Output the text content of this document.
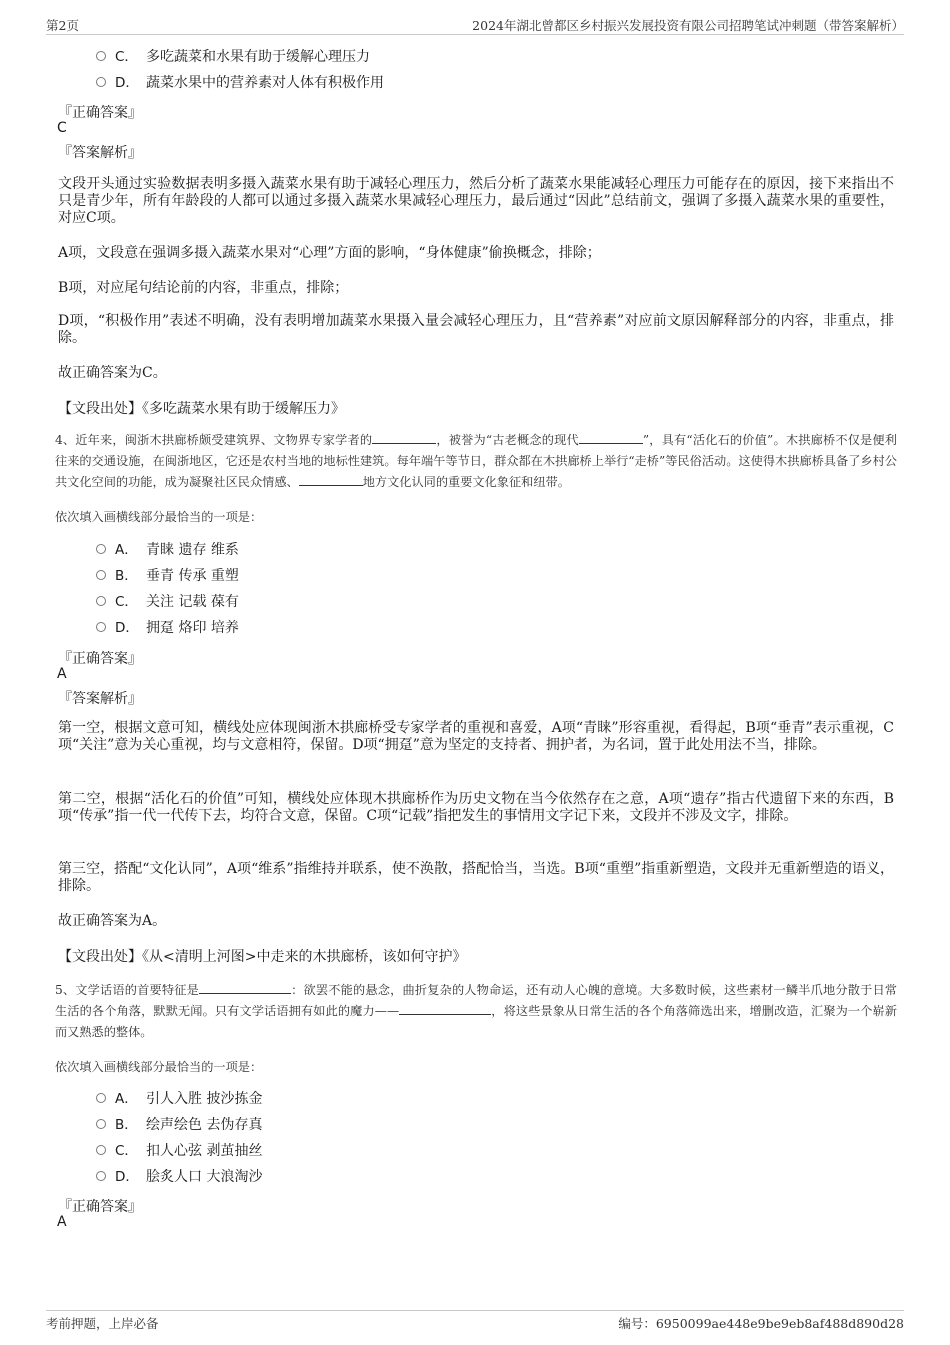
第2页	2024年湖北曾都区乡村振兴发展投资有限公司招聘笔试冲刺题（带答案解析）
C． 多吃蔬菜和水果有助于缓解心理压力
D． 蔬菜水果中的营养素对人体有积极作用
『正确答案』
C
『答案解析』
文段开头通过实验数据表明多摄入蔬菜水果有助于减轻心理压力，然后分析了蔬菜水果能减轻心理压力可能存在的原因，接下来指出不只是青少年，所有年龄段的人都可以通过多摄入蔬菜水果减轻心理压力，最后通过“因此”总结前文，强调了多摄入蔬菜水果的重要性，对应C项。
A项，文段意在强调多摄入蔬菜水果对“心理”方面的影响，“身体健康”偷换概念，排除；
B项，对应尾句结论前的内容，非重点，排除；
D项，“积极作用”表述不明确，没有表明增加蔬菜水果摄入量会减轻心理压力，且“营养素”对应前文原因解释部分的内容，非重点，排除。
故正确答案为C。
【文段出处】《多吃蔬菜水果有助于缓解压力》
4、近年来，闽浙木拱廊桥颇受建筑界、文物界专家学者的	，被誉为“古老概念的现代	”，具有“活化石的价值”。木拱廊桥不仅是便利往来的交通设施，在闽浙地区，它还是农村当地的地标性建筑。每年端午等节日，群众都在木拱廊桥上举行“走桥”等民俗活动。这使得木拱廊桥具备了乡村公共文化空间的功能，成为凝聚社区民众情感、	地方文化认同的重要文化象征和纽带。
依次填入画横线部分最恰当的一项是：
A． 青睐 遗存 维系
B． 垂青 传承 重塑
C． 关注 记载 葆有
D． 拥趸 烙印 培养
『正确答案』
A
『答案解析』
第一空，根据文意可知，横线处应体现闽浙木拱廊桥受专家学者的重视和喜爱，A项“青睐”形容重视，看得起，B项“垂青”表示重视，C项“关注”意为关心重视，均与文意相符，保留。D项“拥趸”意为坚定的支持者、拥护者，为名词，置于此处用法不当，排除。
第二空，根据“活化石的价值”可知，横线处应体现木拱廊桥作为历史文物在当今依然存在之意，A项“遗存”指古代遗留下来的东西，B项“传承”指一代一代传下去，均符合文意，保留。C项“记载”指把发生的事情用文字记下来，文段并不涉及文字，排除。
第三空，搭配“文化认同”，A项“维系”指维持并联系，使不涣散，搭配恰当，当选。B项“重塑”指重新塑造，文段并无重新塑造的语义，排除。
故正确答案为A。
【文段出处】《从<清明上河图>中走来的木拱廊桥，该如何守护》
5、文学话语的首要特征是	：欲罢不能的悬念，曲折复杂的人物命运，还有动人心魄的意境。大多数时候，这些素材一鳞半爪地分散于日常生活的各个角落，默默无闻。只有文学话语拥有如此的魔力——	，将这些景象从日常生活的各个角落筛选出来，增删改造，汇聚为一个崭新而又熟悉的整体。
依次填入画横线部分最恰当的一项是：
A． 引人入胜 披沙拣金
B． 绘声绘色 去伪存真
C． 扣人心弦 剥茧抽丝
D． 脍炙人口 大浪淘沙
『正确答案』
A
考前押题，上岸必备	编号：6950099ae448e9be9eb8af488d890d28
